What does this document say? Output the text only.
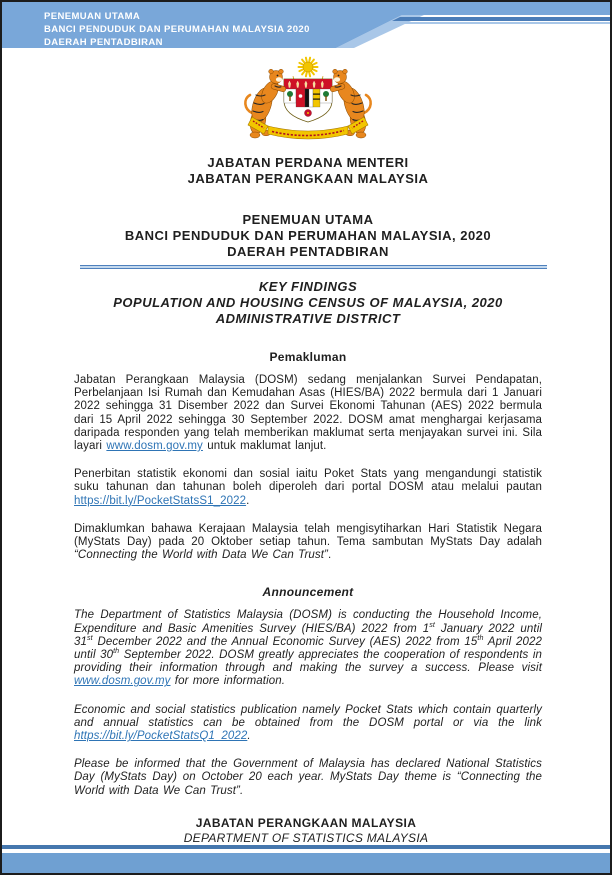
PENEMUAN UTAMA
BANCI PENDUDUK DAN PERUMAHAN MALAYSIA 2020
DAERAH PENTADBIRAN
JABATAN PERDANA MENTERI
JABATAN PERANGKAAN MALAYSIA
PENEMUAN UTAMA
BANCI PENDUDUK DAN PERUMAHAN MALAYSIA, 2020
DAERAH PENTADBIRAN
KEY FINDINGS
POPULATION AND HOUSING CENSUS OF MALAYSIA, 2020
ADMINISTRATIVE DISTRICT
Pemakluman

Jabatan Perangkaan Malaysia (DOSM) sedang menjalankan Survei Pendapatan, Perbelanjaan Isi Rumah dan Kemudahan Asas (HIES/BA) 2022 bermula dari 1 Januari 2022 sehingga 31 Disember 2022 dan Survei Ekonomi Tahunan (AES) 2022 bermula dari 15 April 2022 sehingga 30 September 2022. DOSM amat menghargai kerjasama daripada responden yang telah memberikan maklumat serta menjayakan survei ini. Sila layari www.dosm.gov.my untuk maklumat lanjut.

Penerbitan statistik ekonomi dan sosial iaitu Poket Stats yang mengandungi statistik suku tahunan dan tahunan boleh diperoleh dari portal DOSM atau melalui pautan https://bit.ly/PocketStatsS1_2022.

Dimaklumkan bahawa Kerajaan Malaysia telah mengisytiharkan Hari Statistik Negara (MyStats Day) pada 20 Oktober setiap tahun. Tema sambutan MyStats Day adalah “Connecting the World with Data We Can Trust”.

Announcement

The Department of Statistics Malaysia (DOSM) is conducting the Household Income, Expenditure and Basic Amenities Survey (HIES/BA) 2022 from 1st January 2022 until 31st December 2022 and the Annual Economic Survey (AES) 2022 from 15th April 2022 until 30th September 2022. DOSM greatly appreciates the cooperation of respondents in providing their information through and making the survey a success. Please visit www.dosm.gov.my for more information.

Economic and social statistics publication namely Pocket Stats which contain quarterly and annual statistics can be obtained from the DOSM portal or via the link https://bit.ly/PocketStatsQ1_2022.

Please be informed that the Government of Malaysia has declared National Statistics Day (MyStats Day) on October 20 each year. MyStats Day theme is “Connecting the World with Data We Can Trust”.

JABATAN PERANGKAAN MALAYSIA
DEPARTMENT OF STATISTICS MALAYSIA
